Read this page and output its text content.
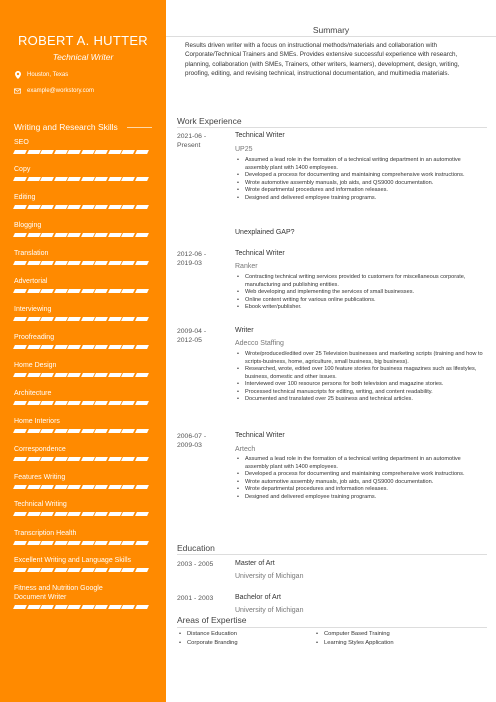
ROBERT A. HUTTER
Technical Writer
Houston, Texas
example@workstory.com
Writing and Research Skills
SEO
Copy
Editing
Blogging
Translation
Advertorial
Interviewing
Proofreading
Home Design
Architecture
Home Interiors
Correspondence
Features Writing
Technical Writing
Transcription Health
Excellent Writing and Language Skills
Fitness and Nutrition Google Document Writer
Summary
Results driven writer with a focus on instructional methods/materials and collaboration with Corporate/Technical Trainers and SMEs. Provides extensive successful experience with research, planning, collaboration (with SMEs, Trainers, other writers, learners), development, design, writing, proofing, editing, and revising technical, instructional documentation, and multimedia materials.
Work Experience
2021-06 -
Present
Technical Writer
UP25
• Assumed a lead role in the formation of a technical writing department in an automotive assembly plant with 1400 employees.
• Developed a process for documenting and maintaining comprehensive work instructions.
• Wrote automotive assembly manuals, job aids, and QS9000 documentation.
• Wrote departmental procedures and information releases.
• Designed and delivered employee training programs.
Unexplained GAP?
2012-06 -
2019-03
Technical Writer
Ranker
• Contracting technical writing services provided to customers for miscellaneous corporate, manufacturing and publishing entities.
• Web developing and implementing the services of small businesses.
• Online content writing for various online publications.
• Ebook writer/publisher.
2009-04 -
2012-05
Writer
Adecco Staffing
• Wrote/produced/edited over 25 Television businesses and marketing scripts (training and how to scripts-business, home, agriculture, small business, big business).
• Researched, wrote, edited over 100 feature stories for business magazines such as lifestyles, business, domestic and other issues.
• Interviewed over 100 resource persons for both television and magazine stories.
• Processed technical manuscripts for editing, writing, and content readability.
• Documented and translated over 25 business and technical articles.
2006-07 -
2009-03
Technical Writer
Artech
• Assumed a lead role in the formation of a technical writing department in an automotive assembly plant with 1400 employees.
• Developed a process for documenting and maintaining comprehensive work instructions.
• Wrote automotive assembly manuals, job aids, and QS9000 documentation.
• Wrote departmental procedures and information releases.
• Designed and delivered employee training programs.
Education
2003 - 2005	Master of Art
University of Michigan
2001 - 2003	Bachelor of Art
University of Michigan
Areas of Expertise
• Distance Education
• Corporate Branding
• Computer Based Training
• Learning Styles Application
